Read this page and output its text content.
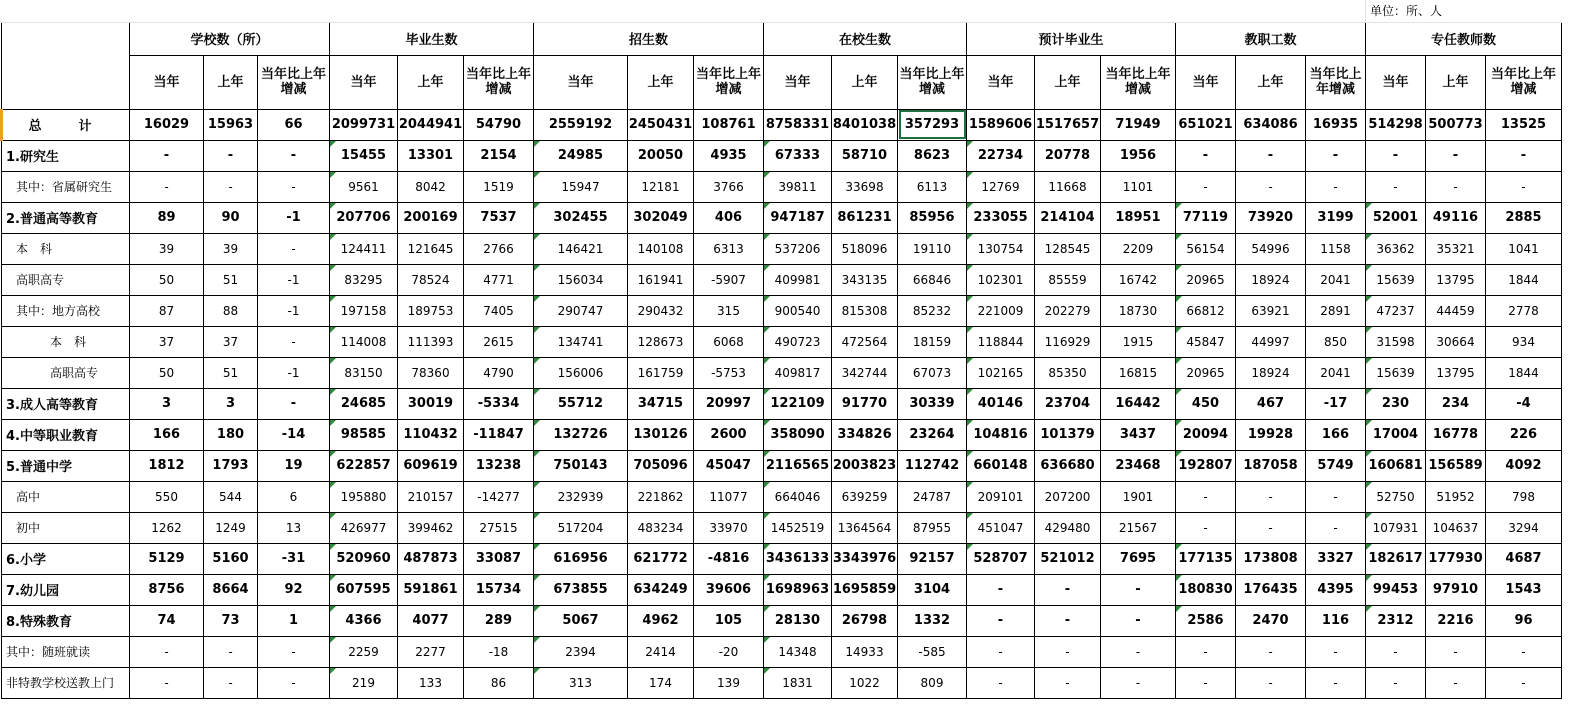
																			单位：所、人		
	学校数（所）			毕业生数			招生数			在校生数			预计毕业生			教职工数			专任教师数		
	当年	上年	当年比上年增减	当年	上年	当年比上年增减	当年	上年	当年比上年增减	当年	上年	当年比上年增减	当年	上年	当年比上年增减	当年	上年	当年比上年增减	当年	上年	当年比上年增减
总　计	16029	15963	66	2099731	2044941	54790	2559192	2450431	108761	8758331	8401038	357293	1589606	1517657	71949	651021	634086	16935	514298	500773	13525
1.研究生	-	-	-	15455	13301	2154	24985	20050	4935	67333	58710	8623	22734	20778	1956	-	-	-	-	-	-
其中：省属研究生	-	-	-	9561	8042	1519	15947	12181	3766	39811	33698	6113	12769	11668	1101	-	-	-	-	-	-
2.普通高等教育	89	90	-1	207706	200169	7537	302455	302049	406	947187	861231	85956	233055	214104	18951	77119	73920	3199	52001	49116	2885
本　科	39	39	-	124411	121645	2766	146421	140108	6313	537206	518096	19110	130754	128545	2209	56154	54996	1158	36362	35321	1041
高职高专	50	51	-1	83295	78524	4771	156034	161941	-5907	409981	343135	66846	102301	85559	16742	20965	18924	2041	15639	13795	1844
其中：地方高校	87	88	-1	197158	189753	7405	290747	290432	315	900540	815308	85232	221009	202279	18730	66812	63921	2891	47237	44459	2778
本　科	37	37	-	114008	111393	2615	134741	128673	6068	490723	472564	18159	118844	116929	1915	45847	44997	850	31598	30664	934
高职高专	50	51	-1	83150	78360	4790	156006	161759	-5753	409817	342744	67073	102165	85350	16815	20965	18924	2041	15639	13795	1844
3.成人高等教育	3	3	-	24685	30019	-5334	55712	34715	20997	122109	91770	30339	40146	23704	16442	450	467	-17	230	234	-4
4.中等职业教育	166	180	-14	98585	110432	-11847	132726	130126	2600	358090	334826	23264	104816	101379	3437	20094	19928	166	17004	16778	226
5.普通中学	1812	1793	19	622857	609619	13238	750143	705096	45047	2116565	2003823	112742	660148	636680	23468	192807	187058	5749	160681	156589	4092
高中	550	544	6	195880	210157	-14277	232939	221862	11077	664046	639259	24787	209101	207200	1901	-	-	-	52750	51952	798
初中	1262	1249	13	426977	399462	27515	517204	483234	33970	1452519	1364564	87955	451047	429480	21567	-	-	-	107931	104637	3294
6.小学	5129	5160	-31	520960	487873	33087	616956	621772	-4816	3436133	3343976	92157	528707	521012	7695	177135	173808	3327	182617	177930	4687
7.幼儿园	8756	8664	92	607595	591861	15734	673855	634249	39606	1698963	1695859	3104	-	-	-	180830	176435	4395	99453	97910	1543
8.特殊教育	74	73	1	4366	4077	289	5067	4962	105	28130	26798	1332	-	-	-	2586	2470	116	2312	2216	96
其中：随班就读	-	-	-	2259	2277	-18	2394	2414	-20	14348	14933	-585	-	-	-	-	-	-	-	-	-
非特教学校送教上门	-	-	-	219	133	86	313	174	139	1831	1022	809	-	-	-	-	-	-	-	-	-
